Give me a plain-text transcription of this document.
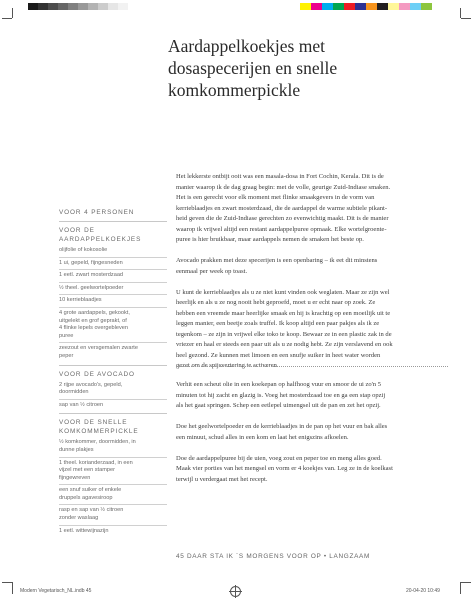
Aardappelkoekjes met
dosaspecerijen en snelle
komkommerpickle
VOOR 4 PERSONEN
VOOR DE
AARDAPPELKOEKJES
olijfolie of kokosolie
1 ui, gepeld, fijngesneden
1 eetl. zwart mosterdzaad
½ theel. geelwortelpoeder
10 kerrieblaadjes
4 grote aardappels, gekookt,
uitgelekt en grof geprakt, of
4 flinke lepels overgebleven
puree
zeezout en versgemalen zwarte
peper
VOOR DE AVOCADO
2 rijpe avocado's, gepeld,
doormidden
sap van ½ citroen
VOOR DE SNELLE
KOMKOMMERPICKLE
½ komkommer, doormidden, in
dunne plakjes
1 theel. korianderzaad, in een
vijzel met een stamper
fijngewreven
een snuf suiker of enkele
druppels agavesiroop
rasp en sap van ½ citroen
zonder waslaag
1 eetl. wittewijnazijn

Het lekkerste ontbijt ooit was een masala-dosa in Fort Cochin, Kerala. Dit is de
manier waarop ik de dag graag begin: met de volle, geurige Zuid-Indiase smaken.
Het is een gerecht voor elk moment met flinke smaakgevers in de vorm van
kerrieblaadjes en zwart mosterdzaad, die de aardappel de warme subtiele pikant-
heid geven die de Zuid-Indiase gerechten zo evenwichtig maakt. Dit is de manier
waarop ik vrijwel altijd een restant aardappelpuree opmaak. Elke wortelgroente-
puree is hier bruikbaar, maar aardappels nemen de smaken het beste op.

Avocado prakken met deze specerijen is een openbaring – ik eet dit minstens
eenmaal per week op toast.

U kunt de kerrieblaadjes als u ze niet kunt vinden ook weglaten. Maar ze zijn wel
heerlijk en als u ze nog nooit hebt geproefd, moet u er echt naar op zoek. Ze
hebben een vreemde maar heerlijke smaak en hij is krachtig op een moeilijk uit te
leggen manier, een beetje zoals truffel. Ik koop altijd een paar pakjes als ik ze
tegenkom – ze zijn in vrijwel elke toko te koop. Bewaar ze in een plastic zak in de
vriezer en haal er steeds een paar uit als u ze nodig hebt. Ze zijn verslavend en ook
heel gezond. Ze kunnen met limoen en een snufje suiker in heet water worden
gezet om de spijsvertering te activeren.

Verhit een scheut olie in een koekepan op halfhoog vuur en smoor de ui zo'n 5
minuten tot hij zacht en glazig is. Voeg het mosterdzaad toe en ga een stap opzij
als het gaat springen. Schep een eetlepel uimengsel uit de pan en zet het opzij.

Doe het geelwortelpoeder en de kerrieblaadjes in de pan op het vuur en bak alles
een minuut, schud alles in een kom en laat het enigszins afkoelen.

Doe de aardappelpuree bij de uien, voeg zout en peper toe en meng alles goed.
Maak vier porties van het mengsel en vorm er 4 koekjes van. Leg ze in de koelkast
terwijl u verdergaat met het recept.

45 DAAR STA IK ´S MORGENS VOOR OP • LANGZAAM
Modern Vegetarisch_NL.indb 45	20-04-20 10:49
